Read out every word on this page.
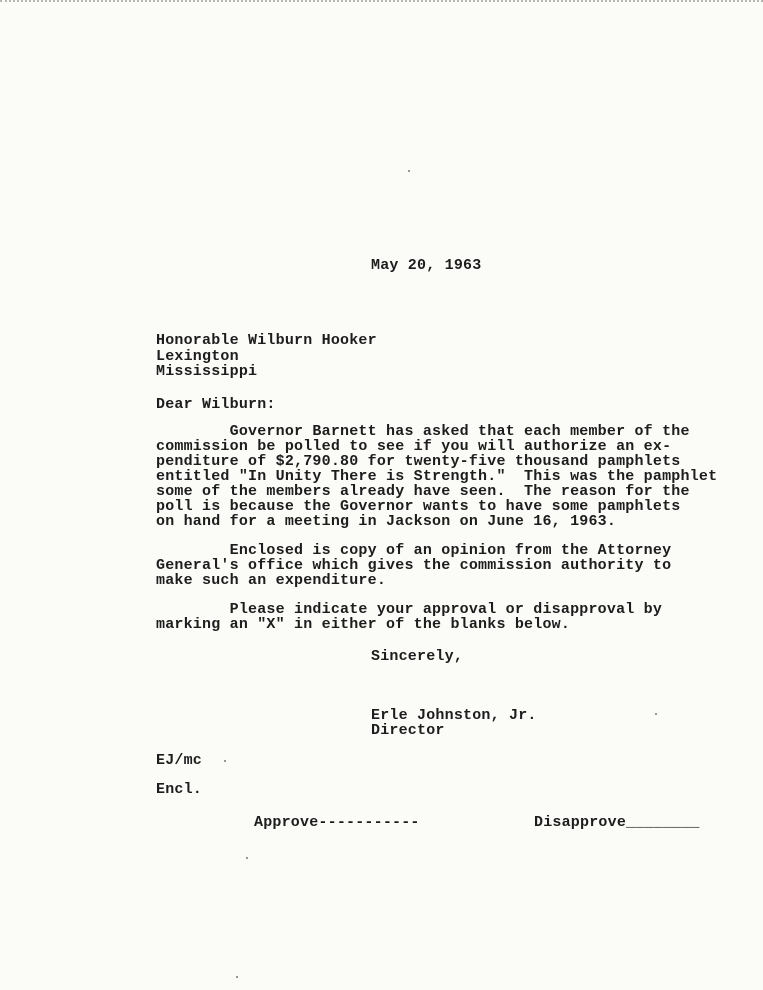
May 20, 1963
Honorable Wilburn Hooker
Lexington
Mississippi
Dear Wilburn:
Governor Barnett has asked that each member of the
commission be polled to see if you will authorize an ex-
penditure of $2,790.80 for twenty-five thousand pamphlets
entitled "In Unity There is Strength."  This was the pamphlet
some of the members already have seen.  The reason for the
poll is because the Governor wants to have some pamphlets
on hand for a meeting in Jackson on June 16, 1963.
Enclosed is copy of an opinion from the Attorney
General's office which gives the commission authority to
make such an expenditure.
Please indicate your approval or disapproval by
marking an "X" in either of the blanks below.
Sincerely,
Erle Johnston, Jr.
Director
EJ/mc
Encl.
Approve-----------	Disapprove________
